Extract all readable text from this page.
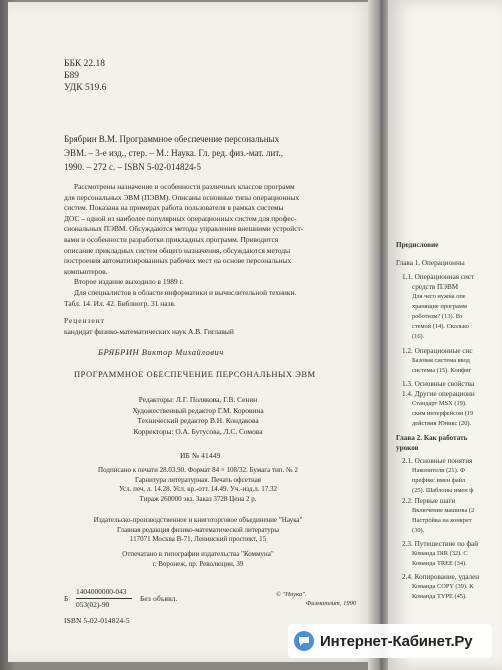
ББК 22.18
Б89
УДК 519.6
Брябрин В.М. Программное обеспечение персональных
ЭВМ. – 3-е изд., стер. – М.: Наука. Гл. ред. физ.-мат. лит.,
1990. – 272 с. – ISBN 5-02-014824-5
Рассмотрены назначение и особенности различных классов программ
для персональных ЭВМ (ПЭВМ). Описаны основные типы операционных
систем. Показана на примерах работа пользователя в рамках системы
ДОС – одной из наиболее популярных операционных систем для профес-
сиональных ПЭВМ. Обсуждаются методы управления внешними устройст-
вами и особенности разработки прикладных программ. Приводится
описание прикладных систем общего назначения, обсуждаются методы
построения автоматизированных рабочих мест на основе персональных
компьютеров.
Второе издание выходило в 1989 г.
Для специалистов в области информатики и вычислительной техники.
Табл. 14. Ил. 42. Библиогр. 31 назв.
Рецензент
кандидат физико-математических наук А.В. Гиглавый
БРЯБРИН Виктор Михайлович
ПРОГРАММНОЕ ОБЕСПЕЧЕНИЕ ПЕРСОНАЛЬНЫХ ЭВМ
Редакторы: Л.Г. Полякова, Г.В. Сенин
Художественный редактор Г.М. Коровина
Технический редактор В.Н. Кондакова
Корректоры: О.А. Бутусова, Л.С. Сомова
ИБ № 41449
Подписано к печати 28.03.90. Формат 84 × 108/32. Бумага тип. № 2
Гарнитура литературная. Печать офсетная
Усл. печ. л. 14.28. Усл. кр.-отт. 14.49. Уч.-изд.л. 17.32
Тираж 260000 экз. Заказ 3728 Цена 2 р.
Издательско-производственное и книготорговое объединение "Наука"
Главная редакция физико-математической литературы
117071 Москва В-71, Ленинский проспект, 15
Отпечатано в типографии издательства "Коммуна"
г. Воронеж, пр. Революции, 39
Б
1404000000-043
053(02)-90
Без объявл.
ISBN 5-02-014824-5
© "Наука".
Физматлит, 1990
Предисловие
Глава 1. Операционны
1.1. Операционная сист
средств ПЭВМ
Для чего нужна опе
хранящие программ
роботизм? (13). Вз
стемой (14). Сколько
(16).
1.2. Операционные сис
Базовая система ввод
системы (15). Конфиг
1.3. Основные свойства
1.4. Другие операционн
Стандарт MSX (19).
ским интерфейсом (19
действия Юникс (20).
Глава 2. Как работать
уроков
2.1. Основные понятия
Накопители (21). Ф
префикс имен файл
(25). Шаблоны имен ф
2.2. Первые шаги
Включение машины (2
Настройка на конкрет
(30).
2.3. Путешествие по фай
Команда DIR (32). С
Команда TREE (34).
2.4. Копирование, удален
Команда COPY (39). К
Команда TYPE (45).
Интернет-Кабинет.Ру
